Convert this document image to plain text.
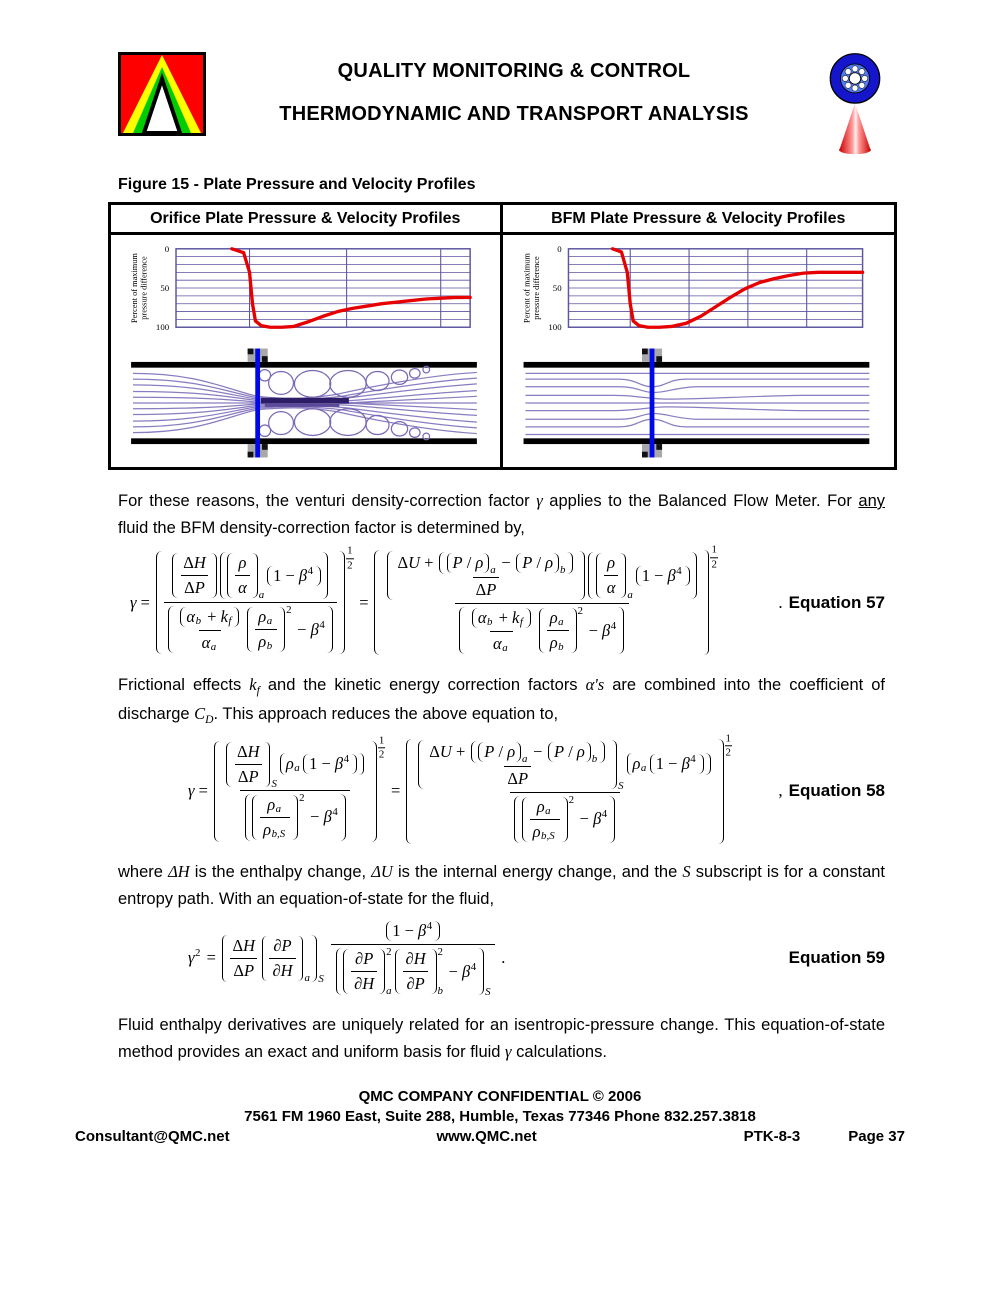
QUALITY MONITORING & CONTROL
THERMODYNAMIC AND TRANSPORT ANALYSIS
Figure 15 - Plate Pressure and Velocity Profiles
Orifice Plate Pressure & Velocity Profiles
0
50
100
Percent of maximumpressure difference
BFM Plate Pressure & Velocity Profiles
0
50
100
Percent of maximumpressure difference

For these reasons, the venturi density-correction factor γ applies to the Balanced Flow Meter. For any fluid the BFM density-correction factor is determined by,

γ =
Δ H
Δ P
ρ
α a
1 − β 4
α b + k f
α a
ρ a
ρ b
2
− β 4
$\frac{1}{2}$
=
Δ U + P / ρ a − P / ρ b
Δ P
ρ
α a
1 − β 4
α b + k f
α a
ρ a
ρ b
2
− β 4
$\frac{1}{2}$
. Equation 57

Frictional effects $k_f$ and the kinetic energy correction factors α's are combined into the coefficient of discharge $C_D$. This approach reduces the above equation to,

γ =
Δ H
Δ P S
ρ a 1 − β 4
ρ a
ρ b,S
2
− β 4
$\frac{1}{2}$
=
Δ U + P / ρ a − P / ρ b
Δ P	S
ρ a 1 − β 4
ρ a
ρ b,S
2
− β 4
$\frac{1}{2}$
, Equation 58

where ΔH is the enthalpy change, ΔU is the internal energy change, and the S subscript is for a constant entropy path. With an equation-of-state for the fluid,

γ 2 =
Δ H
Δ P
∂ P
∂ H a S
1 − β 4
∂ P
∂ H
2
a
∂ H
∂ P
2
b
− β 4
S
.	Equation 59

Fluid enthalpy derivatives are uniquely related for an isentropic-pressure change. This equation-of-state method provides an exact and uniform basis for fluid γ calculations.

QMC COMPANY CONFIDENTIAL © 2006
7561 FM 1960 East, Suite 288, Humble, Texas 77346 Phone 832.257.3818
Consultant@QMC.net	www.QMC.net	PTK-8-3	Page 37
